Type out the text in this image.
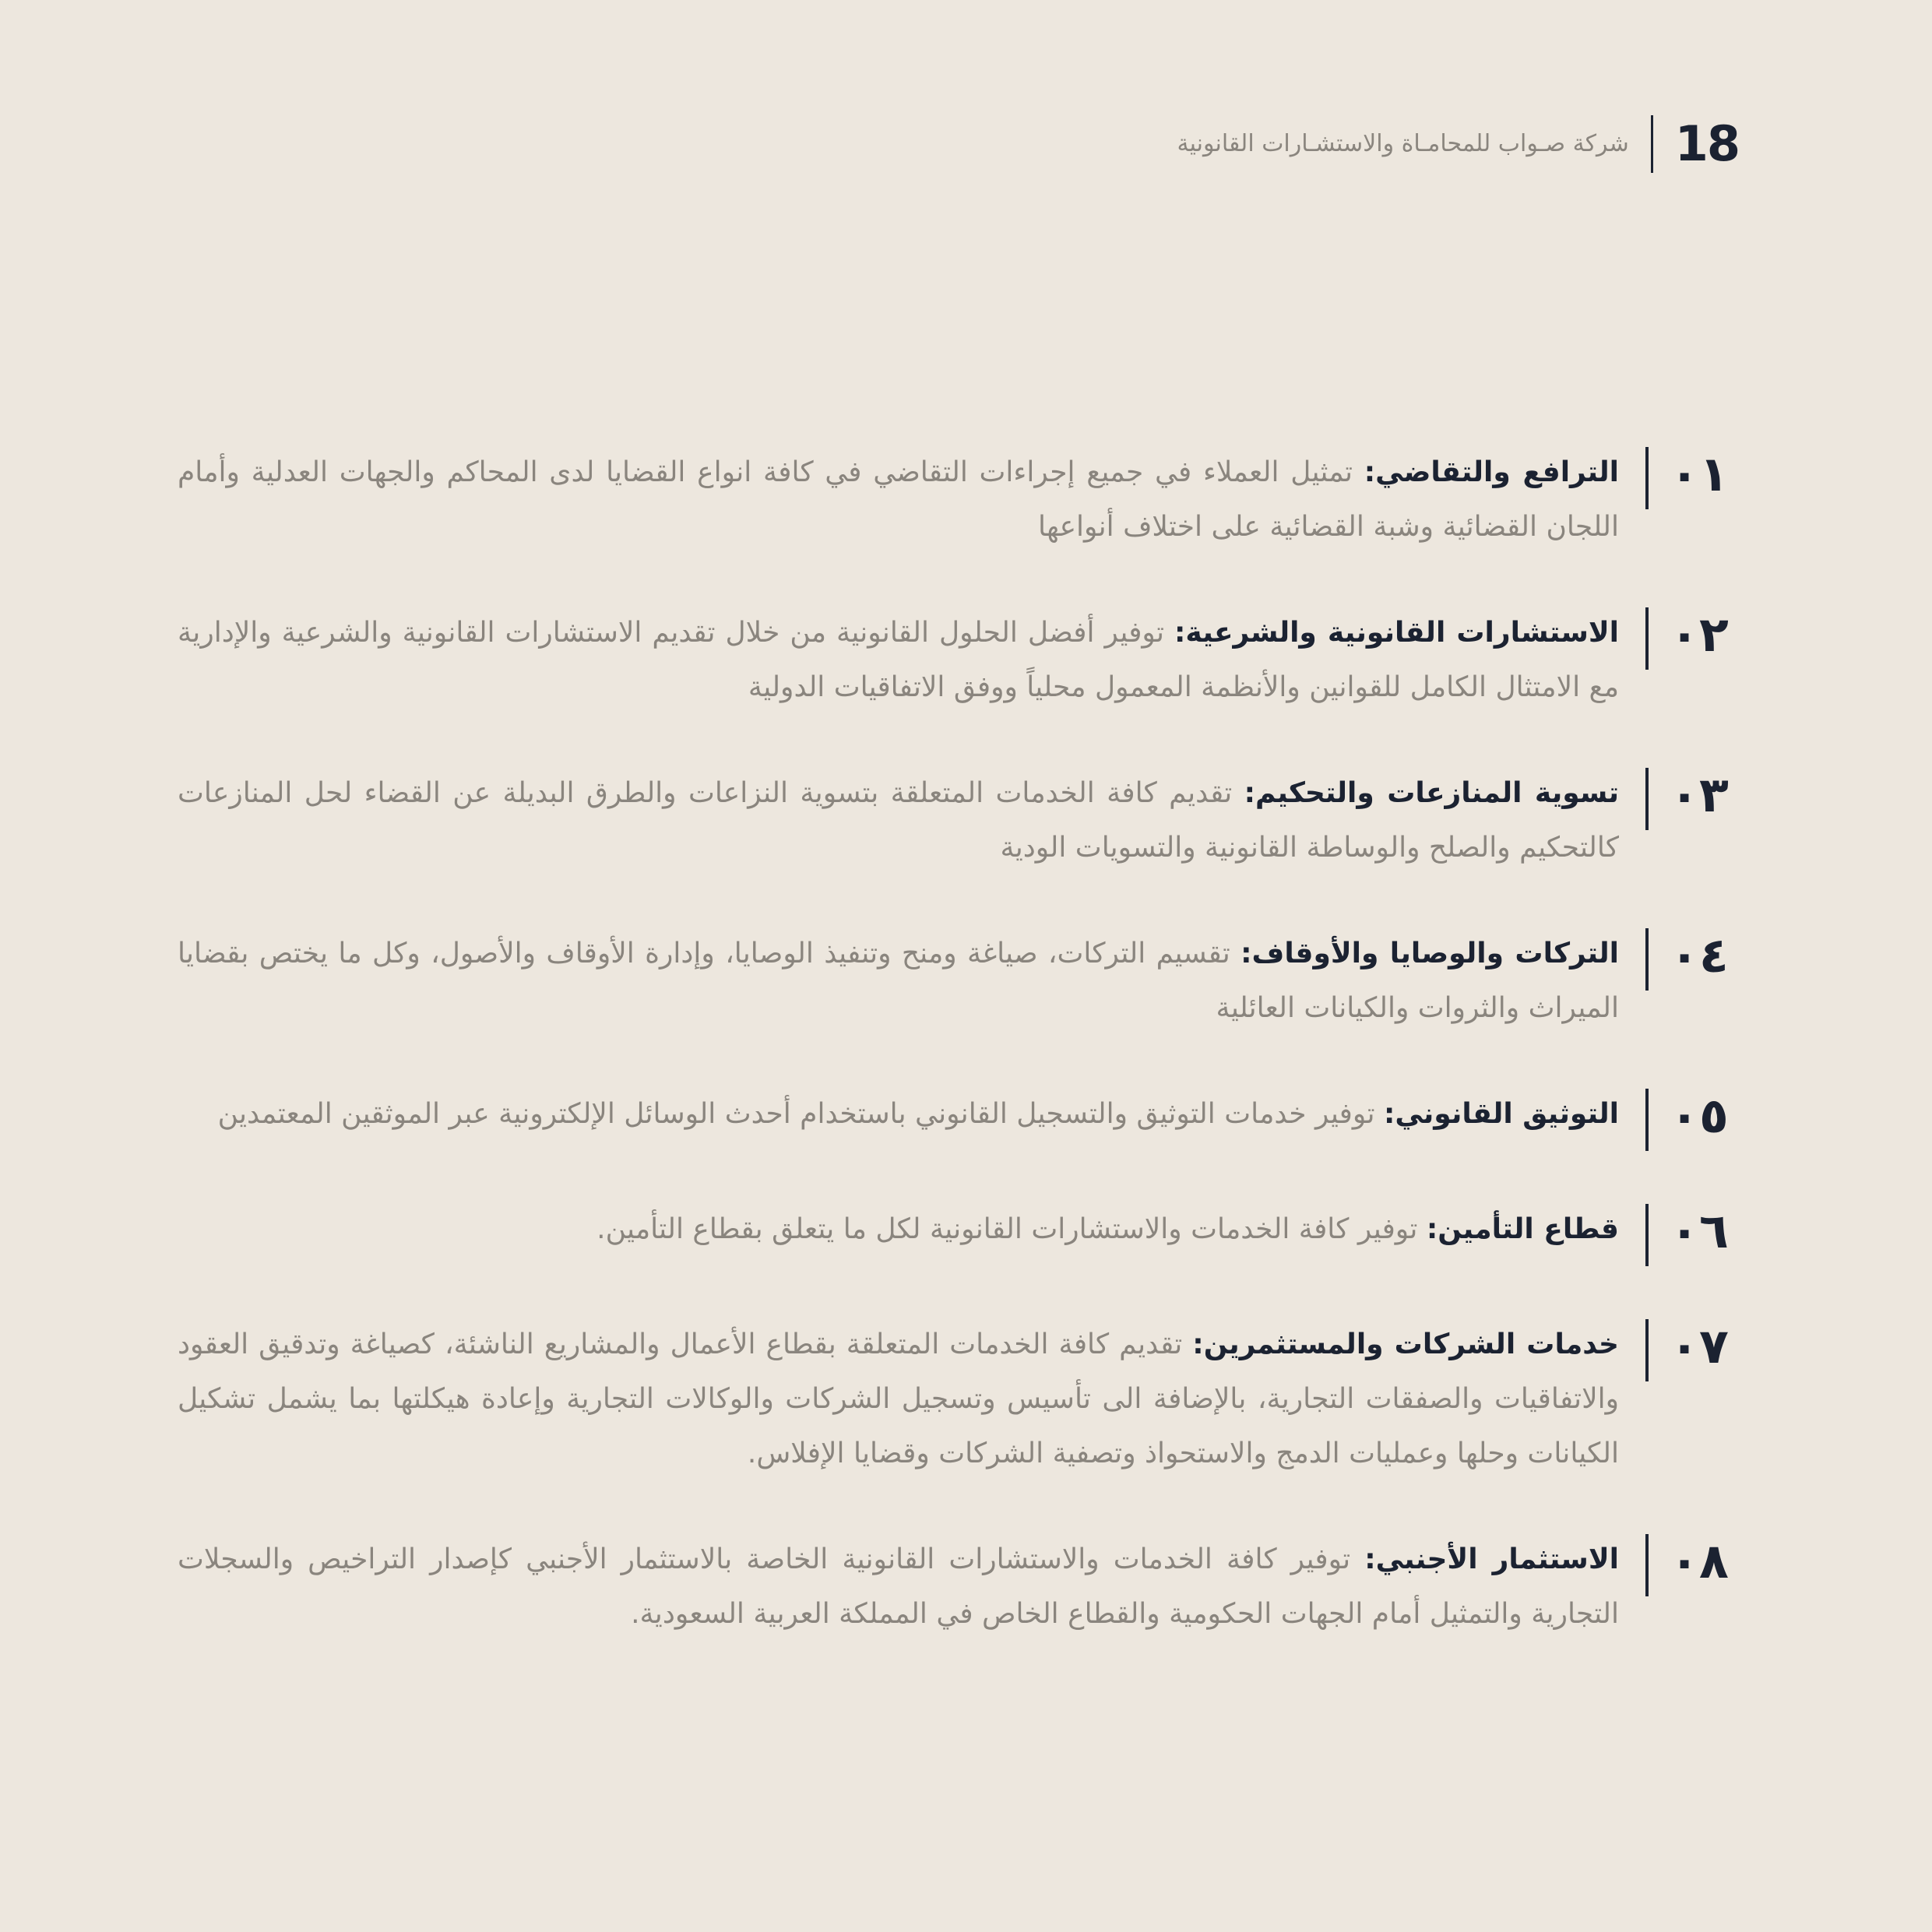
18
شركة صـواب للمحامـاة والاستشـارات القانونية
٠١

الترافع والتقاضي: تمثيل العملاء في جميع إجراءات التقاضي في كافة انواع القضايا لدى المحاكم والجهات العدلية وأمام اللجان القضائية وشبة القضائية على اختلاف أنواعها

٠٢

الاستشارات القانونية والشرعية: توفير أفضل الحلول القانونية من خلال تقديم الاستشارات القانونية والشرعية والإدارية مع الامتثال الكامل للقوانين والأنظمة المعمول محلياً ووفق الاتفاقيات الدولية

٠٣

تسوية المنازعات والتحكيم: تقديم كافة الخدمات المتعلقة بتسوية النزاعات والطرق البديلة عن القضاء لحل المنازعات كالتحكيم والصلح والوساطة القانونية والتسويات الودية

٠٤

التركات والوصايا والأوقاف: تقسيم التركات، صياغة ومنح وتنفيذ الوصايا، وإدارة الأوقاف والأصول، وكل ما يختص بقضايا الميراث والثروات والكيانات العائلية

٠٥

التوثيق القانوني: توفير خدمات التوثيق والتسجيل القانوني باستخدام أحدث الوسائل الإلكترونية عبر الموثقين المعتمدين

٠٦

قطاع التأمين: توفير كافة الخدمات والاستشارات القانونية لكل ما يتعلق بقطاع التأمين.

٠٧

خدمات الشركات والمستثمرين: تقديم كافة الخدمات المتعلقة بقطاع الأعمال والمشاريع الناشئة، كصياغة وتدقيق العقود والاتفاقيات والصفقات التجارية، بالإضافة الى تأسيس وتسجيل الشركات والوكالات التجارية وإعادة هيكلتها بما يشمل تشكيل الكيانات وحلها وعمليات الدمج والاستحواذ وتصفية الشركات وقضايا الإفلاس.

٠٨

الاستثمار الأجنبي: توفير كافة الخدمات والاستشارات القانونية الخاصة بالاستثمار الأجنبي كإصدار التراخيص والسجلات التجارية والتمثيل أمام الجهات الحكومية والقطاع الخاص في المملكة العربية السعودية.
